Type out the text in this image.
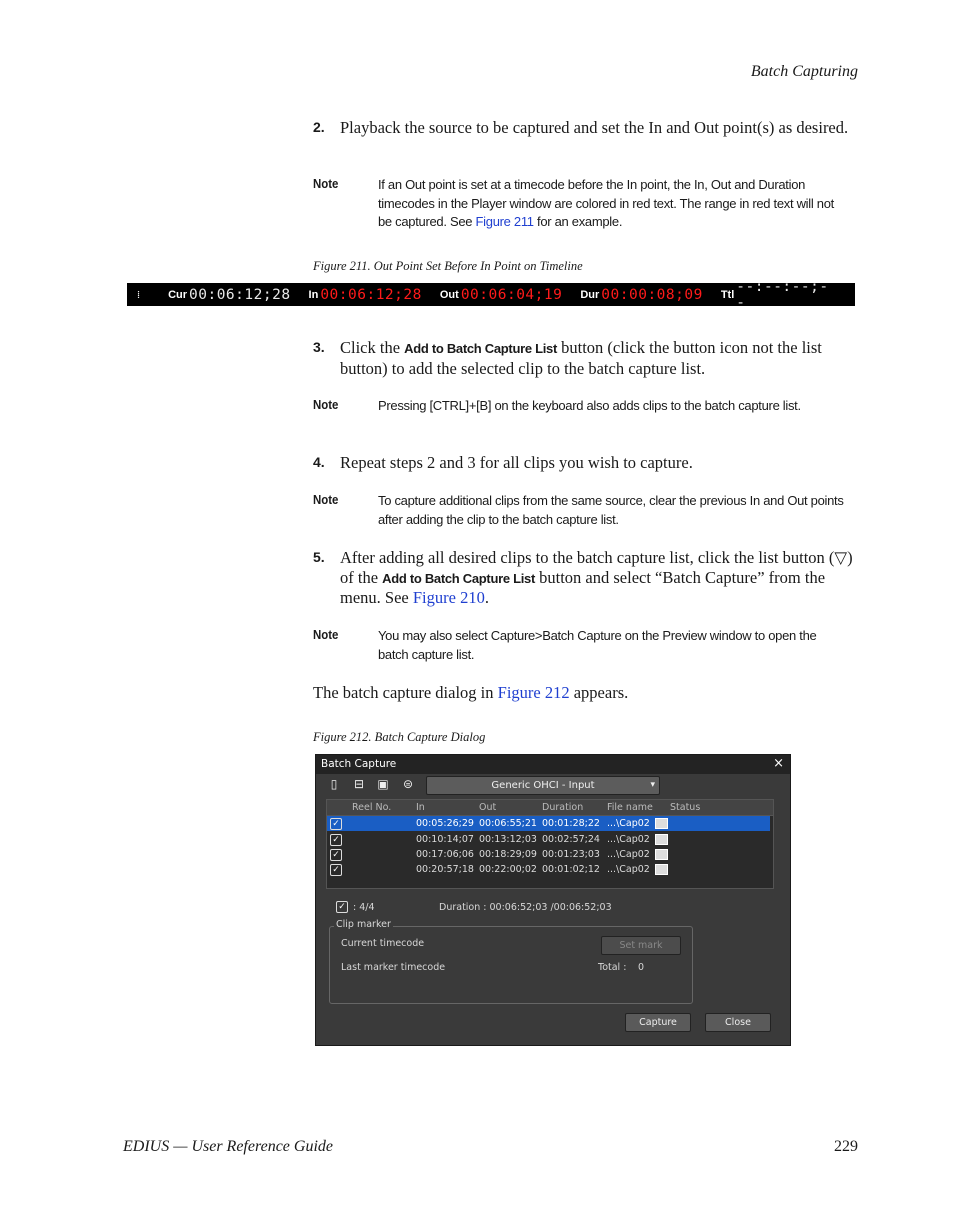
Batch Capturing
2. Playback the source to be captured and set the In and Out point(s) as desired.
Note	If an Out point is set at a timecode before the In point, the In, Out and Duration timecodes in the Player window are colored in red text. The range in red text will not be captured. See Figure 211 for an example.
Figure 211. Out Point Set Before In Point on Timeline
⁞	Cur 00:06:12;28 In 00:06:12;28 Out 00:06:04;19 Dur 00:00:08;09 Ttl --:--:--;--
3. Click the Add to Batch Capture List button (click the button icon not the list button) to add the selected clip to the batch capture list.
Note	Pressing [CTRL]+[B] on the keyboard also adds clips to the batch capture list.
4. Repeat steps 2 and 3 for all clips you wish to capture.
Note	To capture additional clips from the same source, clear the previous In and Out points after adding the clip to the batch capture list.
5. After adding all desired clips to the batch capture list, click the list button (▽) of the Add to Batch Capture List button and select “Batch Capture” from the menu. See Figure 210.
Note	You may also select Capture>Batch Capture on the Preview window to open the batch capture list.
The batch capture dialog in Figure 212 appears.
Figure 212. Batch Capture Dialog
Batch Capture	×
▯	⊟ ▣ ⊜	Generic OHCI - Input	▾
Reel No.	In	Out	Duration File name Status
✓	00:05:26;29 00:06:55;21 00:01:28;22 ...\Cap02
✓	00:10:14;07 00:13:12;03 00:02:57;24 ...\Cap02
✓	00:17:06;06 00:18:29;09 00:01:23;03 ...\Cap02
✓	00:20:57;18 00:22:00;02 00:01:02;12 ...\Cap02
✓ : 4/4	Duration : 00:06:52;03 /00:06:52;03
Clip marker
Current timecode
Last marker timecode	Total : 0
Set mark
Capture	Close
EDIUS — User Reference Guide	229
